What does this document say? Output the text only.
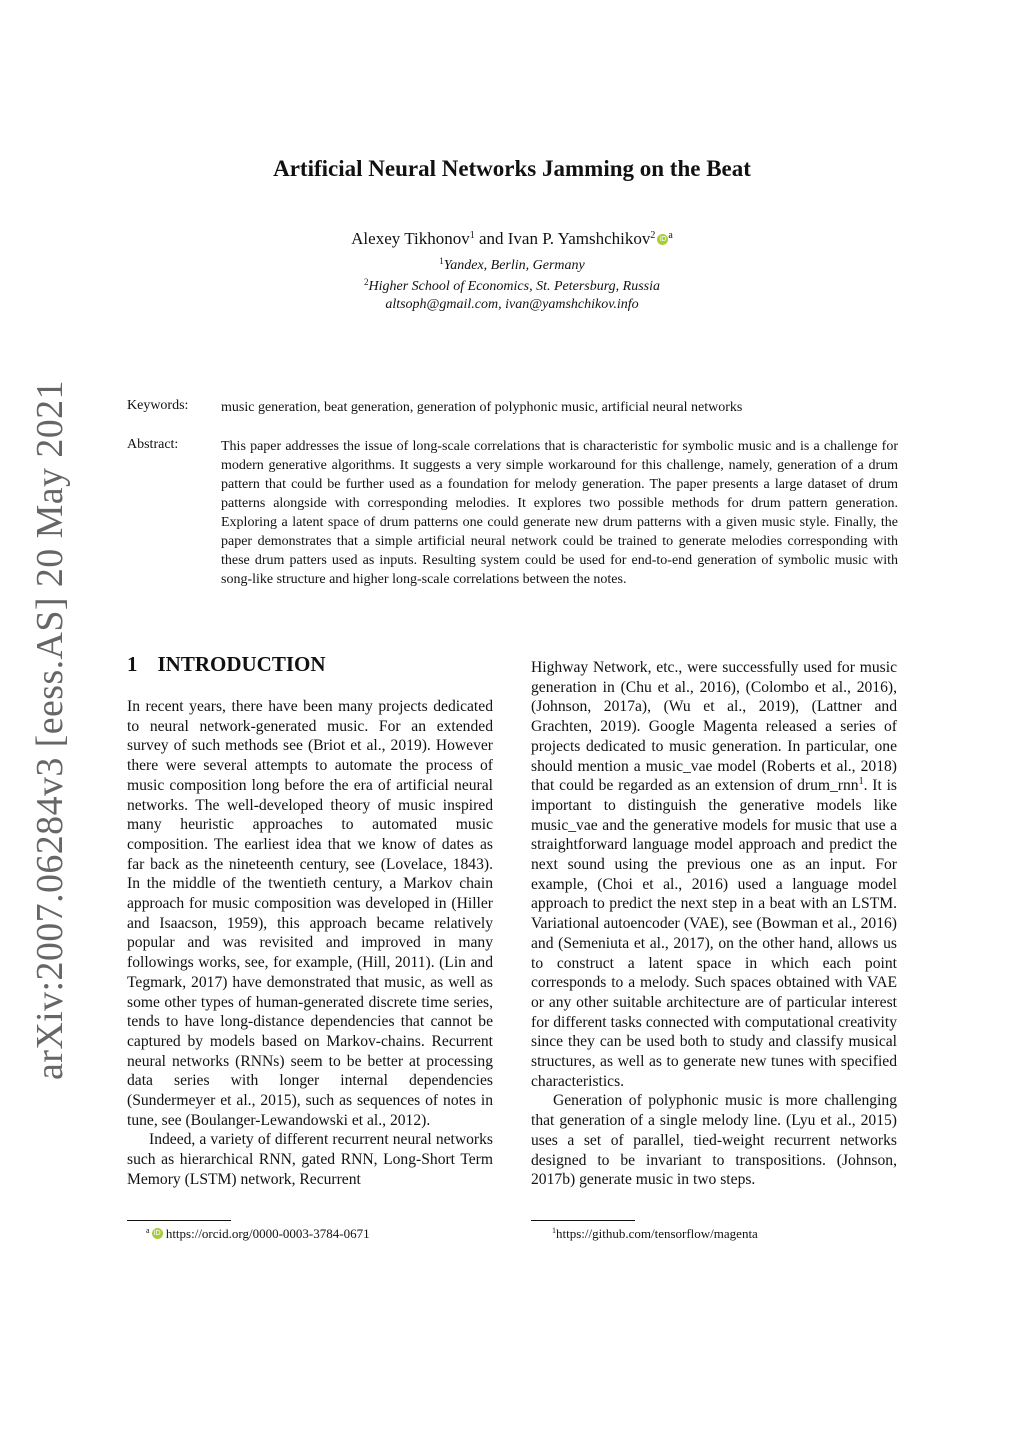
Artificial Neural Networks Jamming on the Beat
Alexey Tikhonov$^1$ and Ivan P. Yamshchikov$^2$ iD $^a$
$^1$Yandex, Berlin, Germany
$^2$Higher School of Economics, St. Petersburg, Russia
altsoph@gmail.com, ivan@yamshchikov.info
Keywords: music generation, beat generation, generation of polyphonic music, artificial neural networks
Abstract:	This paper addresses the issue of long-scale correlations that is characteristic for symbolic music and is a challenge for modern generative algorithms. It suggests a very simple workaround for this challenge, namely, generation of a drum pattern that could be further used as a foundation for melody generation. The paper presents a large dataset of drum patterns alongside with corresponding melodies. It explores two possible methods for drum pattern generation. Exploring a latent space of drum patterns one could generate new drum patterns with a given music style. Finally, the paper demonstrates that a simple artificial neural network could be trained to generate melodies corresponding with these drum patters used as inputs. Resulting system could be used for end-to-end generation of symbolic music with song-like structure and higher long-scale correlations between the notes.
arXiv:2007.06284v3 [eess.AS] 20 May 2021	1 INTRODUCTION

In recent years, there have been many projects dedicated to neural network-generated music. For an extended survey of such methods see (Briot et al., 2019). However there were several attempts to automate the process of music composition long before the era of artificial neural networks. The well-developed theory of music inspired many heuristic approaches to automated music composition. The earliest idea that we know of dates as far back as the nineteenth century, see (Lovelace, 1843). In the middle of the twentieth century, a Markov chain approach for music composition was developed in (Hiller and Isaacson, 1959), this approach became relatively popular and was revisited and improved in many followings works, see, for example, (Hill, 2011). (Lin and Tegmark, 2017) have demonstrated that music, as well as some other types of human-generated discrete time series, tends to have long-distance dependencies that cannot be captured by models based on Markov-chains. Recurrent neural networks (RNNs) seem to be better at processing data series with longer internal dependencies (Sundermeyer et al., 2015), such as sequences of notes in tune, see (Boulanger-Lewandowski et al., 2012).

Indeed, a variety of different recurrent neural networks such as hierarchical RNN, gated RNN, Long-Short Term Memory (LSTM) network, Recurrent

Highway Network, etc., were successfully used for music generation in (Chu et al., 2016), (Colombo et al., 2016), (Johnson, 2017a), (Wu et al., 2019), (Lattner and Grachten, 2019). Google Magenta released a series of projects dedicated to music generation. In particular, one should mention a music_vae model (Roberts et al., 2018) that could be regarded as an extension of drum_rnn$^1$. It is important to distinguish the generative models like music_vae and the generative models for music that use a straightforward language model approach and predict the next sound using the previous one as an input. For example, (Choi et al., 2016) used a language model approach to predict the next step in a beat with an LSTM. Variational autoencoder (VAE), see (Bowman et al., 2016) and (Semeniuta et al., 2017), on the other hand, allows us to construct a latent space in which each point corresponds to a melody. Such spaces obtained with VAE or any other suitable architecture are of particular interest for different tasks connected with computational creativity since they can be used both to study and classify musical structures, as well as to generate new tunes with specified characteristics.

Generation of polyphonic music is more challenging that generation of a single melody line. (Lyu et al., 2015) uses a set of parallel, tied-weight recurrent networks designed to be invariant to transpositions. (Johnson, 2017b) generate music in two steps.

$^a$ iD https://orcid.org/0000-0003-3784-0671	$^1$https://github.com/tensorflow/magenta
